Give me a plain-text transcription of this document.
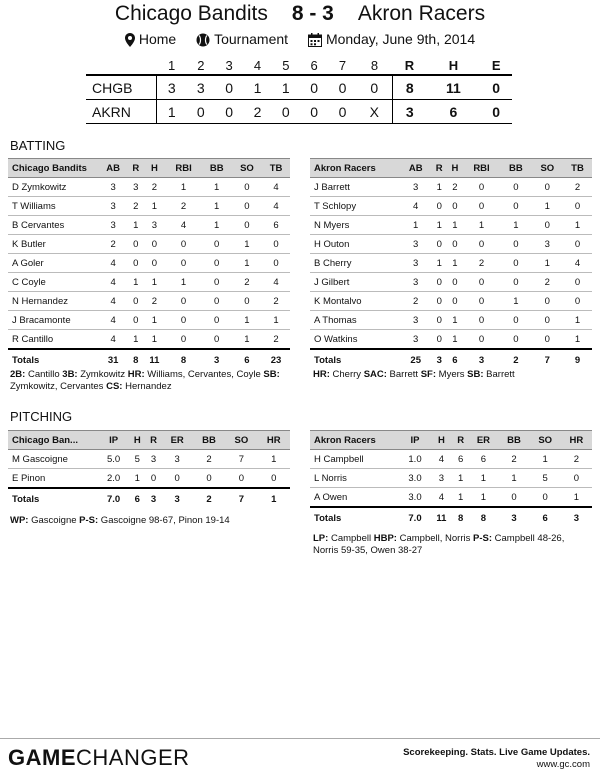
Chicago Bandits 8 - 3 Akron Racers
Home	Tournament	Monday, June 9th, 2014
	1	2	3	4	5	6	7	8	R	H	E
CHGB	3	3	0	1	1	0	0	0	8	11	0
AKRN	1	0	0	2	0	0	0	X	3	6	0
BATTING
Chicago Bandits	AB	R	H	RBI	BB	SO	TB
D Zymkowitz	3	3	2	1	1	0	4
T Williams	3	2	1	2	1	0	4
B Cervantes	3	1	3	4	1	0	6
K Butler	2	0	0	0	0	1	0
A Goler	4	0	0	0	0	1	0
C Coyle	4	1	1	1	0	2	4
N Hernandez	4	0	2	0	0	0	2
J Bracamonte	4	0	1	0	0	1	1
R Cantillo	4	1	1	0	0	1	2
Totals	31	8	11	8	3	6	23
Akron Racers	AB	R	H	RBI	BB	SO	TB
J Barrett	3	1	2	0	0	0	2
T Schlopy	4	0	0	0	0	1	0
N Myers	1	1	1	1	1	0	1
H Outon	3	0	0	0	0	3	0
B Cherry	3	1	1	2	0	1	4
J Gilbert	3	0	0	0	0	2	0
K Montalvo	2	0	0	0	1	0	0
A Thomas	3	0	1	0	0	0	1
O Watkins	3	0	1	0	0	0	1
Totals	25	3	6	3	2	7	9
2B: Cantillo 3B: Zymkowitz HR: Williams, Cervantes, Coyle SB: Zymkowitz, Cervantes CS: Hernandez
HR: Cherry SAC: Barrett SF: Myers SB: Barrett
PITCHING
Chicago Ban...	IP	H	R	ER	BB	SO	HR
M Gascoigne	5.0	5	3	3	2	7	1
E Pinon	2.0	1	0	0	0	0	0
Totals	7.0	6	3	3	2	7	1
Akron Racers	IP	H	R	ER	BB	SO	HR
H Campbell	1.0	4	6	6	2	1	2
L Norris	3.0	3	1	1	1	5	0
A Owen	3.0	4	1	1	0	0	1
Totals	7.0	11	8	8	3	6	3
WP: Gascoigne P-S: Gascoigne 98-67, Pinon 19-14
LP: Campbell HBP: Campbell, Norris P-S: Campbell 48-26, Norris 59-35, Owen 38-27
GAMECHANGER	Scorekeeping. Stats. Live Game Updates.
www.gc.com
